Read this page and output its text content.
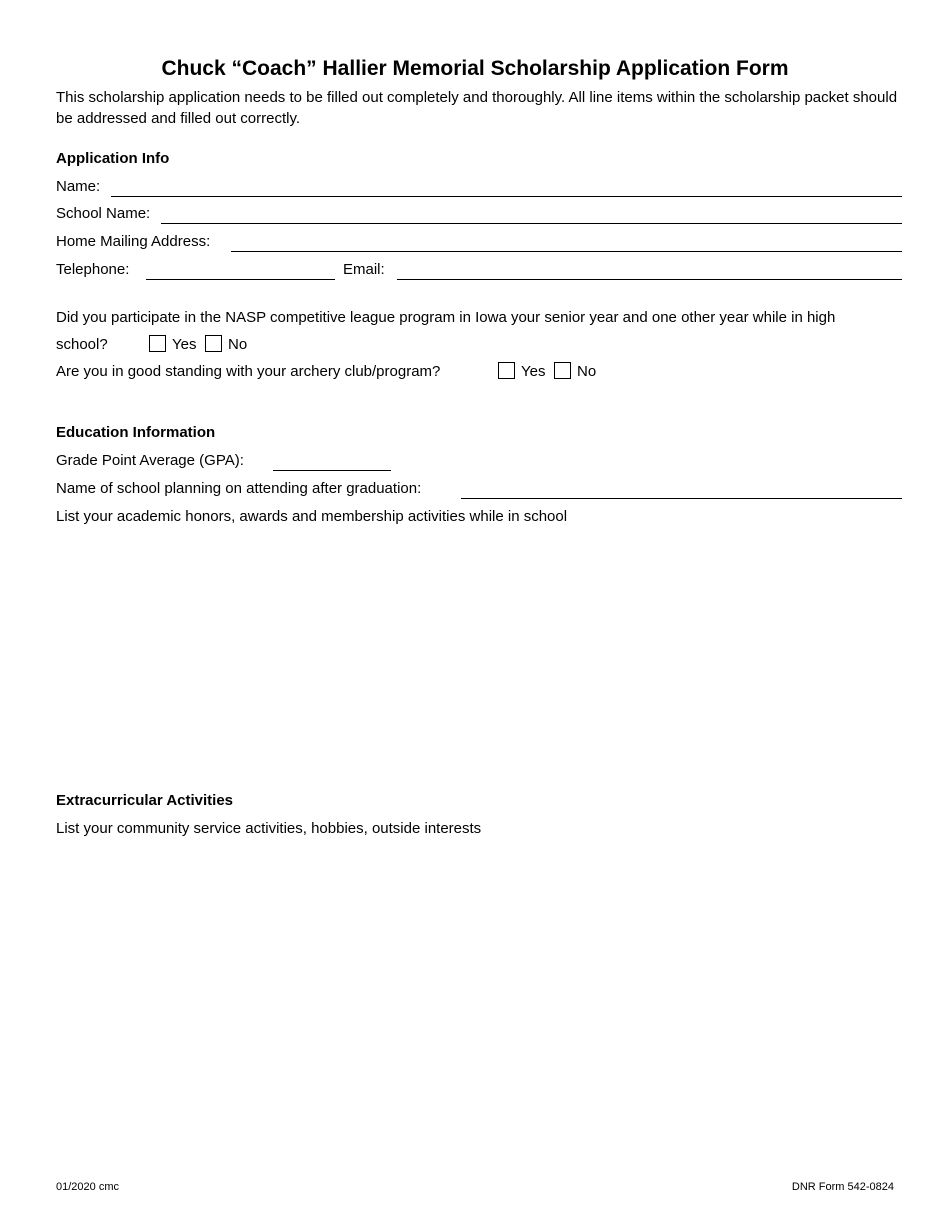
Chuck “Coach” Hallier Memorial Scholarship Application Form
This scholarship application needs to be filled out completely and thoroughly. All line items within the scholarship packet should be addressed and filled out correctly.
Application Info
Name:
School Name:
Home Mailing Address:
Telephone:	Email:
Did you participate in the NASP competitive league program in Iowa your senior year and one other year while in high
school?	Yes No
Are you in good standing with your archery club/program?	Yes No
Education Information
Grade Point Average (GPA):
Name of school planning on attending after graduation:
List your academic honors, awards and membership activities while in school
Extracurricular Activities
List your community service activities, hobbies, outside interests
01/2020 cmc	DNR Form 542-0824
